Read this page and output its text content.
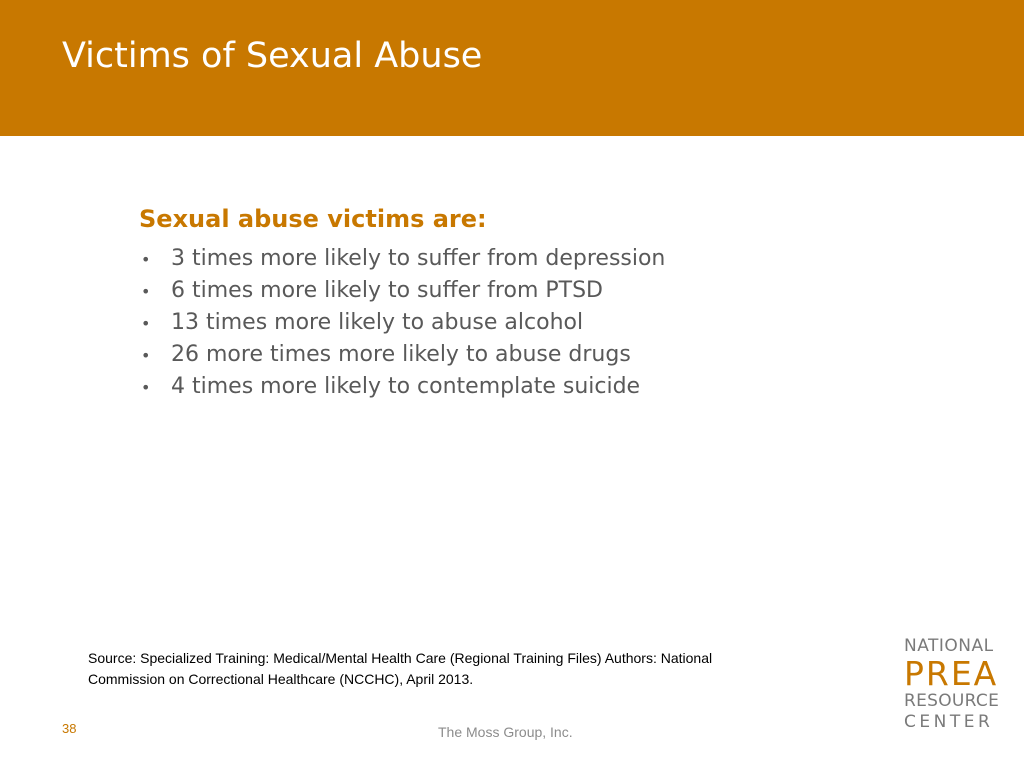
Victims of Sexual Abuse
Sexual abuse victims are:
• 3 times more likely to suffer from depression
• 6 times more likely to suffer from PTSD
• 13 times more likely to abuse alcohol
• 26 more times more likely to abuse drugs
• 4 times more likely to contemplate suicide

Source: Specialized Training: Medical/Mental Health Care (Regional Training Files) Authors: National Commission on Correctional Healthcare (NCCHC), April 2013.

38	The Moss Group, Inc.
NATIONAL
PREA
RESOURCE
CENTER
